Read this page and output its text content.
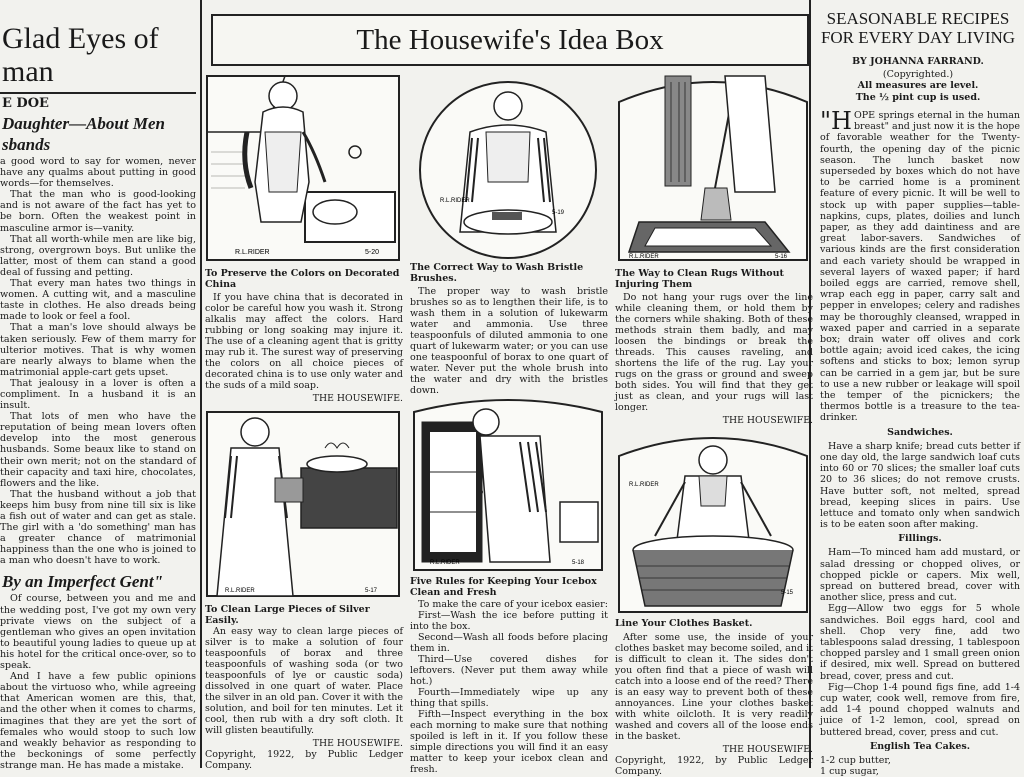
Glad Eyes of
man
E DOE
Daughter—About Men
sbands

a good word to say for women, never have any qualms about putting in good words—for themselves.

That the man who is good-looking and is not aware of the fact has yet to be born. Often the weakest point in masculine armor is—vanity.

That all worth-while men are like big, strong, overgrown boys. But unlike the latter, most of them can stand a good deal of fussing and petting.

That every man hates two things in women. A cutting wit, and a masculine taste in clothes. He also dreads being made to look or feel a fool.

That a man's love should always be taken seriously. Few of them marry for ulterior motives. That is why women are nearly always to blame when the matrimonial apple-cart gets upset.

That jealousy in a lover is often a compliment. In a husband it is an insult.

That lots of men who have the reputation of being mean lovers often develop into the most generous husbands. Some beaux like to stand on their own merit; not on the standard of their capacity and taxi hire, chocolates, flowers and the like.

That the husband without a job that keeps him busy from nine till six is like a fish out of water and can get as stale. The girl with a 'do something' man has a greater chance of matrimonial happiness than the one who is joined to a man who doesn't have to work.

By an Imperfect Gent"

Of course, between you and me and the wedding post, I've got my own very private views on the subject of a gentleman who gives an open invitation to beautiful young ladies to queue up at his hotel for the critical once-over, so to speak.

And I have a few public opinions about the virtuoso who, while agreeing that American women are this, that, and the other when it comes to charms, imagines that they are yet the sort of females who would stoop to such low and weakly behavior as responding to the beckonings of some perfectly strange man. He has made a mistake.

The Housewife's Idea Box
R.L.RIDER	5-20
To Preserve the Colors on Decorated China

If you have china that is decorated in color be careful how you wash it. Strong alkalis may affect the colors. Hard rubbing or long soaking may injure it. The use of a cleaning agent that is gritty may rub it. The surest way of preserving the colors on all choice pieces of decorated china is to use only water and the suds of a mild soap.

THE HOUSEWIFE.
R.L.RIDER
5-19
The Correct Way to Wash Bristle Brushes.

The proper way to wash bristle brushes so as to lengthen their life, is to wash them in a solution of lukewarm water and ammonia. Use three teaspoonfuls of diluted ammonia to one quart of lukewarm water; or you can use one teaspoonful of borax to one quart of water. Never put the whole brush into the water and dry with the bristles down.

R.L.RIDER	5-16
The Way to Clean Rugs Without Injuring Them

Do not hang your rugs over the line while cleaning them, or hold them by the corners while shaking. Both of these methods strain them badly, and may loosen the bindings or break the threads. This causes raveling, and shortens the life of the rug. Lay your rugs on the grass or ground and sweep both sides. You will find that they get just as clean, and your rugs will last longer.

THE HOUSEWIFE.
R.L.RIDER	5-17
To Clean Large Pieces of Silver Easily.

An easy way to clean large pieces of silver is to make a solution of four teaspoonfuls of borax and three teaspoonfuls of washing soda (or two teaspoonfuls of lye or caustic soda) dissolved in one quart of water. Place the silver in an old pan. Cover it with the solution, and boil for ten minutes. Let it cool, then rub with a dry soft cloth. It will glisten beautifully.

THE HOUSEWIFE.

Copyright, 1922, by Public Ledger Company.

R.L.RIDER	5-18
Five Rules for Keeping Your Icebox Clean and Fresh

To make the care of your icebox easier:

First—Wash the ice before putting it into the box.

Second—Wash all foods before placing them in.

Third—Use covered dishes for leftovers. (Never put them away while hot.)

Fourth—Immediately wipe up any thing that spills.

Fifth—Inspect everything in the box each morning to make sure that nothing spoiled is left in it. If you follow these simple directions you will find it an easy matter to keep your icebox clean and fresh.

R.L.RIDER
5-15
Line Your Clothes Basket.

After some use, the inside of your clothes basket may become soiled, and it is difficult to clean it. The sides don't you often find that a piece of wash will catch into a loose end of the reed? There is an easy way to prevent both of these annoyances. Line your clothes basket with white oilcloth. It is very readily washed and covers all of the loose ends in the basket.

THE HOUSEWIFE.

Copyright, 1922, by Public Ledger Company.

SEASONABLE RECIPES
FOR EVERY DAY LIVING
BY JOHANNA FARRAND.
(Copyrighted.)
All measures are level.
The ½ pint cup is used.

"HOPE springs eternal in the human breast" and just now it is the hope of favorable weather for the Twenty-fourth, the opening day of the picnic season. The lunch basket now superseded by boxes which do not have to be carried home is a prominent feature of every picnic. It will be well to stock up with paper supplies—table-napkins, cups, plates, doilies and lunch paper, as they add daintiness and are great labor-savers. Sandwiches of various kinds are the first consideration and each variety should be wrapped in several layers of waxed paper; if hard boiled eggs are carried, remove shell, wrap each egg in paper, carry salt and pepper in envelopes; celery and radishes may be thoroughly cleansed, wrapped in waxed paper and carried in a separate box; drain water off olives and cork bottle again; avoid iced cakes, the icing softens and sticks to box; lemon syrup can be carried in a gem jar, but be sure to use a new rubber or leakage will spoil the temper of the picnickers; the thermos bottle is a treasure to the tea-drinker.

Sandwiches.

Have a sharp knife; bread cuts better if one day old, the large sandwich loaf cuts into 60 or 70 slices; the smaller loaf cuts 20 to 36 slices; do not remove crusts. Have butter soft, not melted, spread bread, keeping slices in pairs. Use lettuce and tomato only when sandwich is to be eaten soon after making.

Fillings.

Ham—To minced ham add mustard, or salad dressing or chopped olives, or chopped pickle or capers. Mix well, spread on buttered bread, cover with another slice, press and cut.

Egg—Allow two eggs for 5 whole sandwiches. Boil eggs hard, cool and shell. Chop very fine, add two tablespoons salad dressing, 1 tablespoon chopped parsley and 1 small green onion if desired, mix well. Spread on buttered bread, cover, press and cut.

Fig—Chop 1-4 pound figs fine, add 1-4 cup water, cook well, remove from fire, add 1-4 pound chopped walnuts and juice of 1-2 lemon, cool, spread on buttered bread, cover, press and cut.

English Tea Cakes.

1-2 cup butter,

1 cup sugar,
